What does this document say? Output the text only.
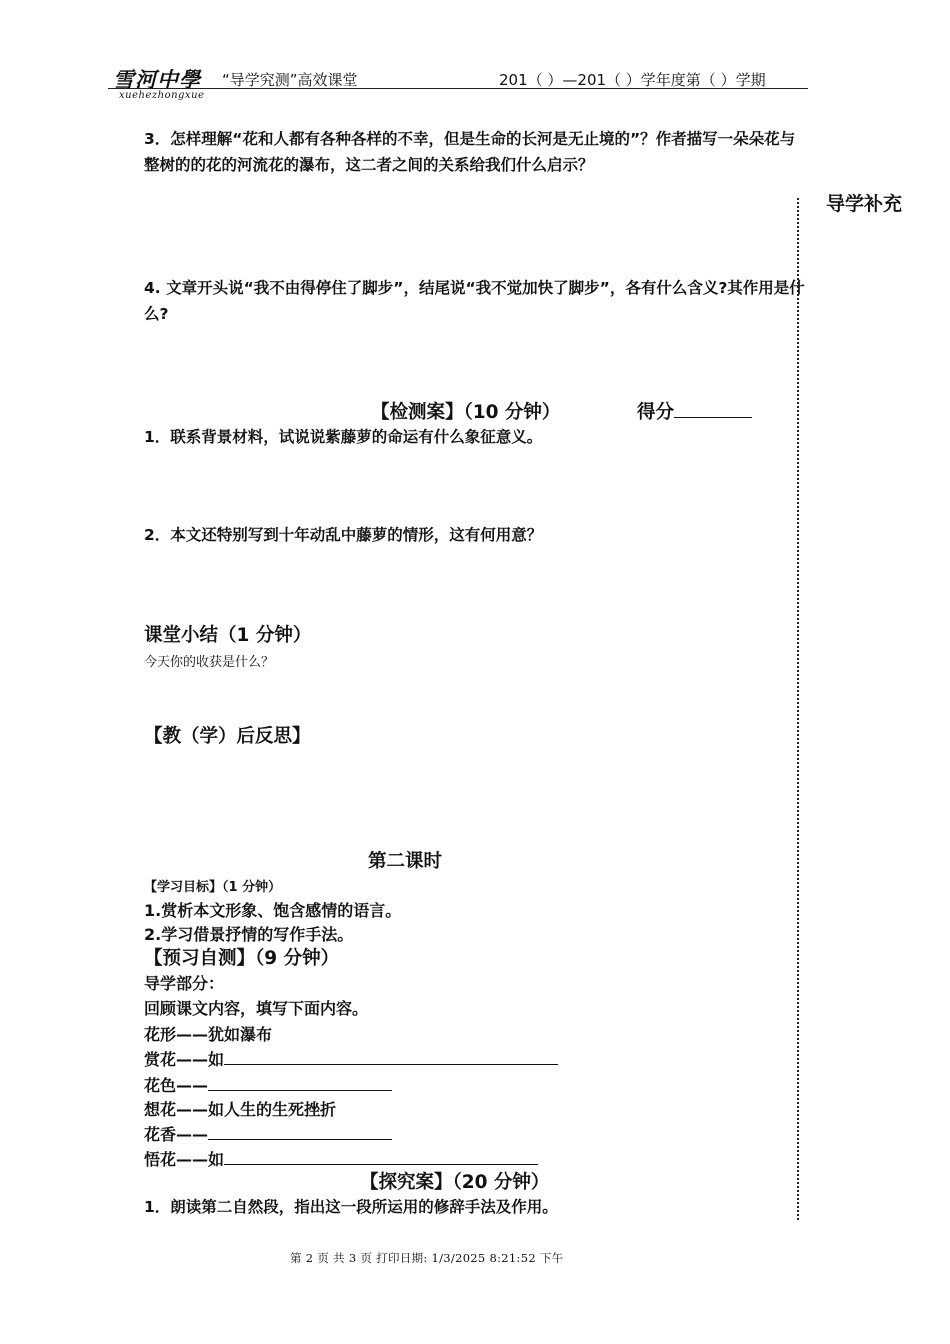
雪河中學
xuehezhongxue
“导学究测”高效课堂	201（ ）—201（ ）学年度第（ ）学期
导学补充
3．怎样理解“花和人都有各种各样的不幸，但是生命的长河是无止境的”？作者描写一朵朵花与整树的的花的河流花的瀑布，这二者之间的关系给我们什么启示？
4. 文章开头说“我不由得停住了脚步”，结尾说“我不觉加快了脚步”，各有什么含义?其作用是什么?
【检测案】（10 分钟）	得分
1．联系背景材料，试说说紫藤萝的命运有什么象征意义。
2．本文还特别写到十年动乱中藤萝的情形，这有何用意？
课堂小结（1 分钟）
今天你的收获是什么？
【教（学）后反思】
第二课时
【学习目标】（1 分钟）
1.赏析本文形象、饱含感情的语言。
2.学习借景抒情的写作手法。
【预习自测】（9 分钟）
导学部分：
回顾课文内容，填写下面内容。
花形——犹如瀑布
赏花——如
花色——
想花——如人生的生死挫折
花香——
悟花——如
【探究案】（20 分钟）
1．朗读第二自然段，指出这一段所运用的修辞手法及作用。
第 2 页 共 3 页 打印日期: 1/3/2025 8:21:52 下午
